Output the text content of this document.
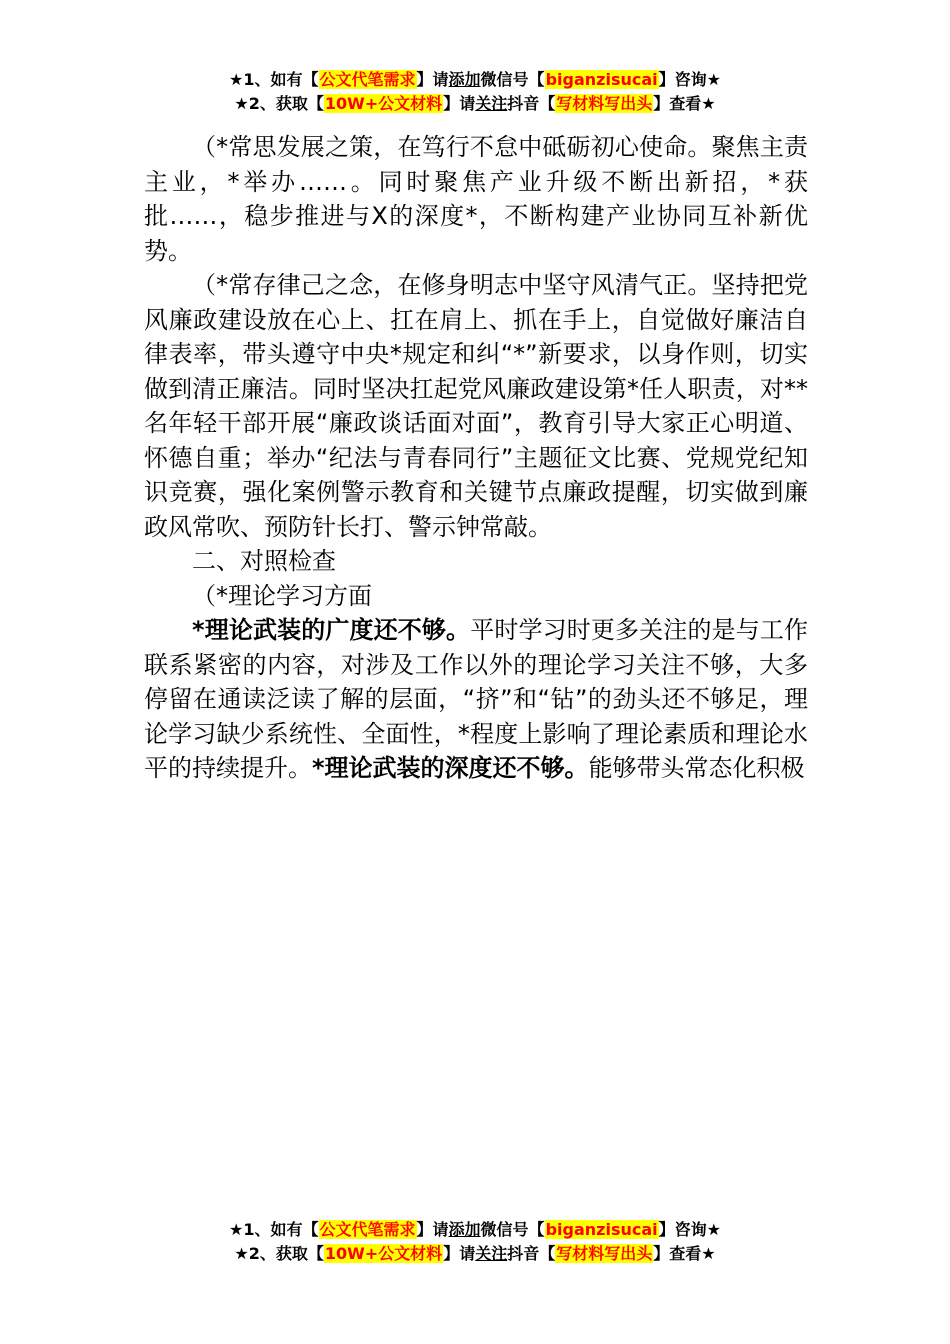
★1、如有【公文代笔需求】请添加微信号【biganzisucai】咨询★
★2、获取【10W+公文材料】请关注抖音【写材料写出头】查看★

（*常思发展之策，在笃行不怠中砥砺初心使命。聚焦主责主业，*举办……。同时聚焦产业升级不断出新招，*获批……，稳步推进与X的深度*，不断构建产业协同互补新优势。

（*常存律己之念，在修身明志中坚守风清气正。坚持把党风廉政建设放在心上、扛在肩上、抓在手上，自觉做好廉洁自律表率，带头遵守中央*规定和纠“*”新要求，以身作则，切实做到清正廉洁。同时坚决扛起党风廉政建设第*任人职责，对**名年轻干部开展“廉政谈话面对面”，教育引导大家正心明道、怀德自重；举办“纪法与青春同行”主题征文比赛、党规党纪知识竞赛，强化案例警示教育和关键节点廉政提醒，切实做到廉政风常吹、预防针长打、警示钟常敲。

二、对照检查

（*理论学习方面

*理论武装的广度还不够。平时学习时更多关注的是与工作联系紧密的内容，对涉及工作以外的理论学习关注不够，大多停留在通读泛读了解的层面，“挤”和“钻”的劲头还不够足，理论学习缺少系统性、全面性，*程度上影响了理论素质和理论水平的持续提升。*理论武装的深度还不够。能够带头常态化积极

★1、如有【公文代笔需求】请添加微信号【biganzisucai】咨询★
★2、获取【10W+公文材料】请关注抖音【写材料写出头】查看★
